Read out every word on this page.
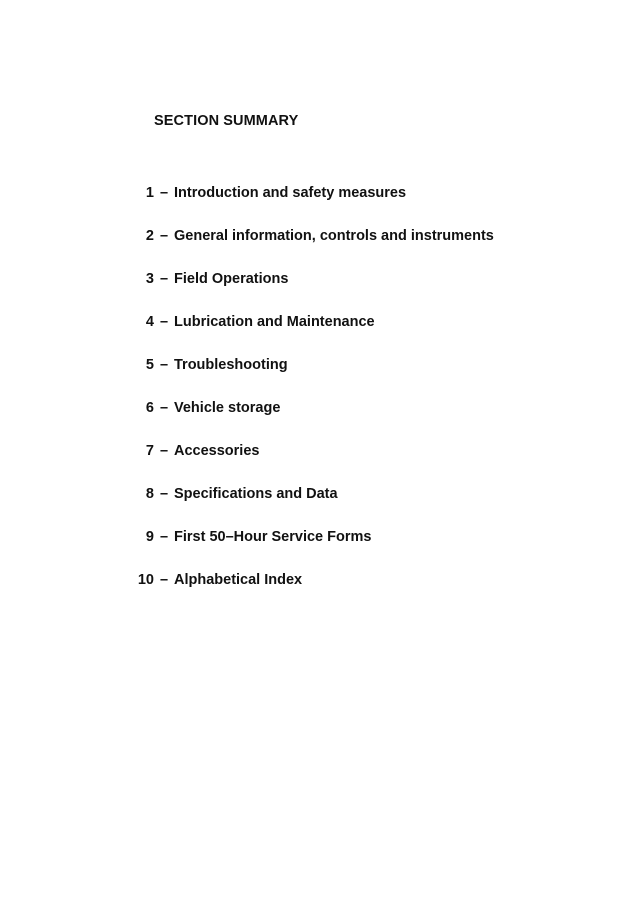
SECTION SUMMARY
1 – Introduction and safety measures
2 – General information, controls and instruments
3 – Field Operations
4 – Lubrication and Maintenance
5 – Troubleshooting
6 – Vehicle storage
7 – Accessories
8 – Specifications and Data
9 – First 50–Hour Service Forms
10 – Alphabetical Index
